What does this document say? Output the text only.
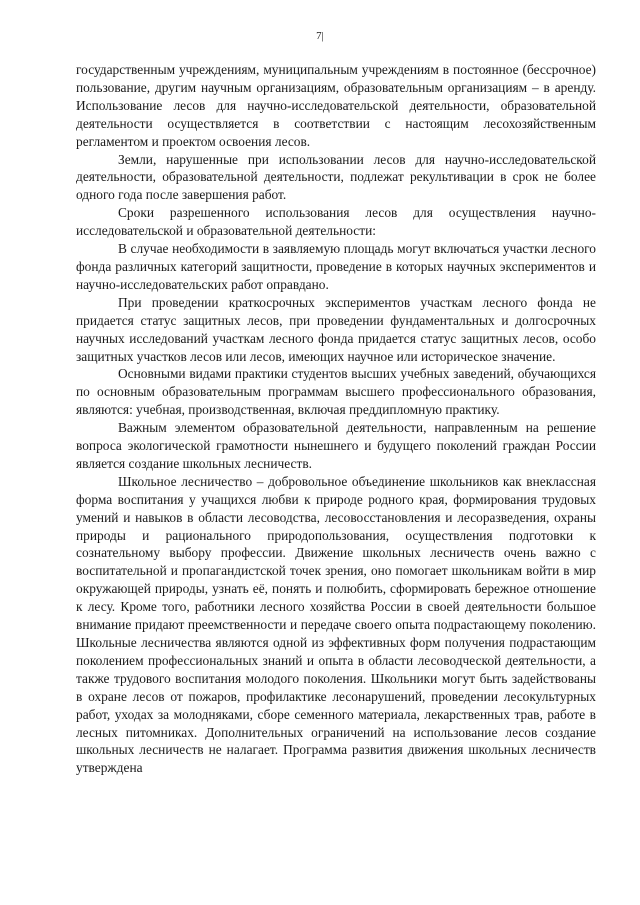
7|

государственным учреждениям, муниципальным учреждениям в постоянное (бессрочное) пользование, другим научным организациям, образовательным организациям – в аренду. Использование лесов для научно-исследовательской деятельности, образовательной деятельности осуществляется в соответствии с настоящим лесохозяйственным регламентом и проектом освоения лесов.

Земли, нарушенные при использовании лесов для научно-исследовательской деятельности, образовательной деятельности, подлежат рекультивации в срок не более одного года после завершения работ.

Сроки разрешенного использования лесов для осуществления научно-исследовательской и образовательной деятельности:

В случае необходимости в заявляемую площадь могут включаться участки лесного фонда различных категорий защитности, проведение в которых научных экспериментов и научно-исследовательских работ оправдано.

При проведении краткосрочных экспериментов участкам лесного фонда не придается статус защитных лесов, при проведении фундаментальных и долгосрочных научных исследований участкам лесного фонда придается статус защитных лесов, особо защитных участков лесов или лесов, имеющих научное или историческое значение.

Основными видами практики студентов высших учебных заведений, обучающихся по основным образовательным программам высшего профессионального образования, являются: учебная, производственная, включая преддипломную практику.

Важным элементом образовательной деятельности, направленным на решение вопроса экологической грамотности нынешнего и будущего поколений граждан России является создание школьных лесничеств.

Школьное лесничество – добровольное объединение школьников как внеклассная форма воспитания у учащихся любви к природе родного края, формирования трудовых умений и навыков в области лесоводства, лесовосстановления и лесоразведения, охраны природы и рационального природопользования, осуществления подготовки к сознательному выбору профессии. Движение школьных лесничеств очень важно с воспитательной и пропагандистской точек зрения, оно помогает школьникам войти в мир окружающей природы, узнать её, понять и полюбить, сформировать бережное отношение к лесу. Кроме того, работники лесного хозяйства России в своей деятельности большое внимание придают преемственности и передаче своего опыта подрастающему поколению. Школьные лесничества являются одной из эффективных форм получения подрастающим поколением профессиональных знаний и опыта в области лесоводческой деятельности, а также трудового воспитания молодого поколения. Школьники могут быть задействованы в охране лесов от пожаров, профилактике лесонарушений, проведении лесокультурных работ, уходах за молодняками, сборе семенного материала, лекарственных трав, работе в лесных питомниках. Дополнительных ограничений на использование лесов создание школьных лесничеств не налагает. Программа развития движения школьных лесничеств утверждена
